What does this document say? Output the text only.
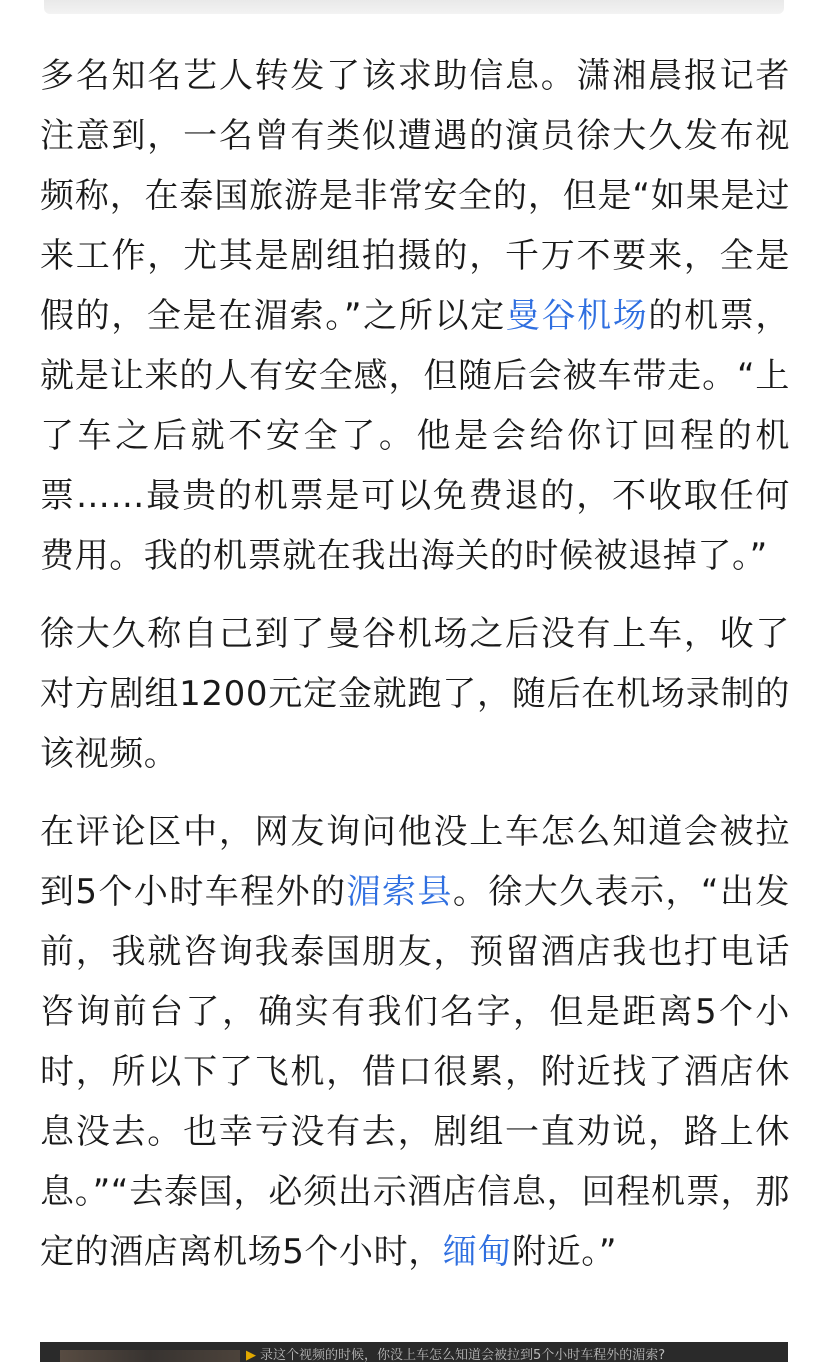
多名知名艺人转发了该求助信息。潇湘晨报记者注意到，一名曾有类似遭遇的演员徐大久发布视频称，在泰国旅游是非常安全的，但是“如果是过来工作，尤其是剧组拍摄的，千万不要来，全是假的，全是在湄索。”之所以定曼谷机场的机票，就是让来的人有安全感，但随后会被车带走。“上了车之后就不安全了。他是会给你订回程的机票……最贵的机票是可以免费退的，不收取任何费用。我的机票就在我出海关的时候被退掉了。”

徐大久称自己到了曼谷机场之后没有上车，收了对方剧组1200元定金就跑了，随后在机场录制的该视频。

在评论区中，网友询问他没上车怎么知道会被拉到5个小时车程外的湄索县。徐大久表示，“出发前，我就咨询我泰国朋友，预留酒店我也打电话咨询前台了，确实有我们名字，但是距离5个小时，所以下了飞机，借口很累，附近找了酒店休息没去。也幸亏没有去，剧组一直劝说，路上休息。”“去泰国，必须出示酒店信息，回程机票，那定的酒店离机场5个小时，缅甸附近。”

▶ 录这个视频的时候，你没上车怎么知道会被拉到5个小时车程外的湄索?
